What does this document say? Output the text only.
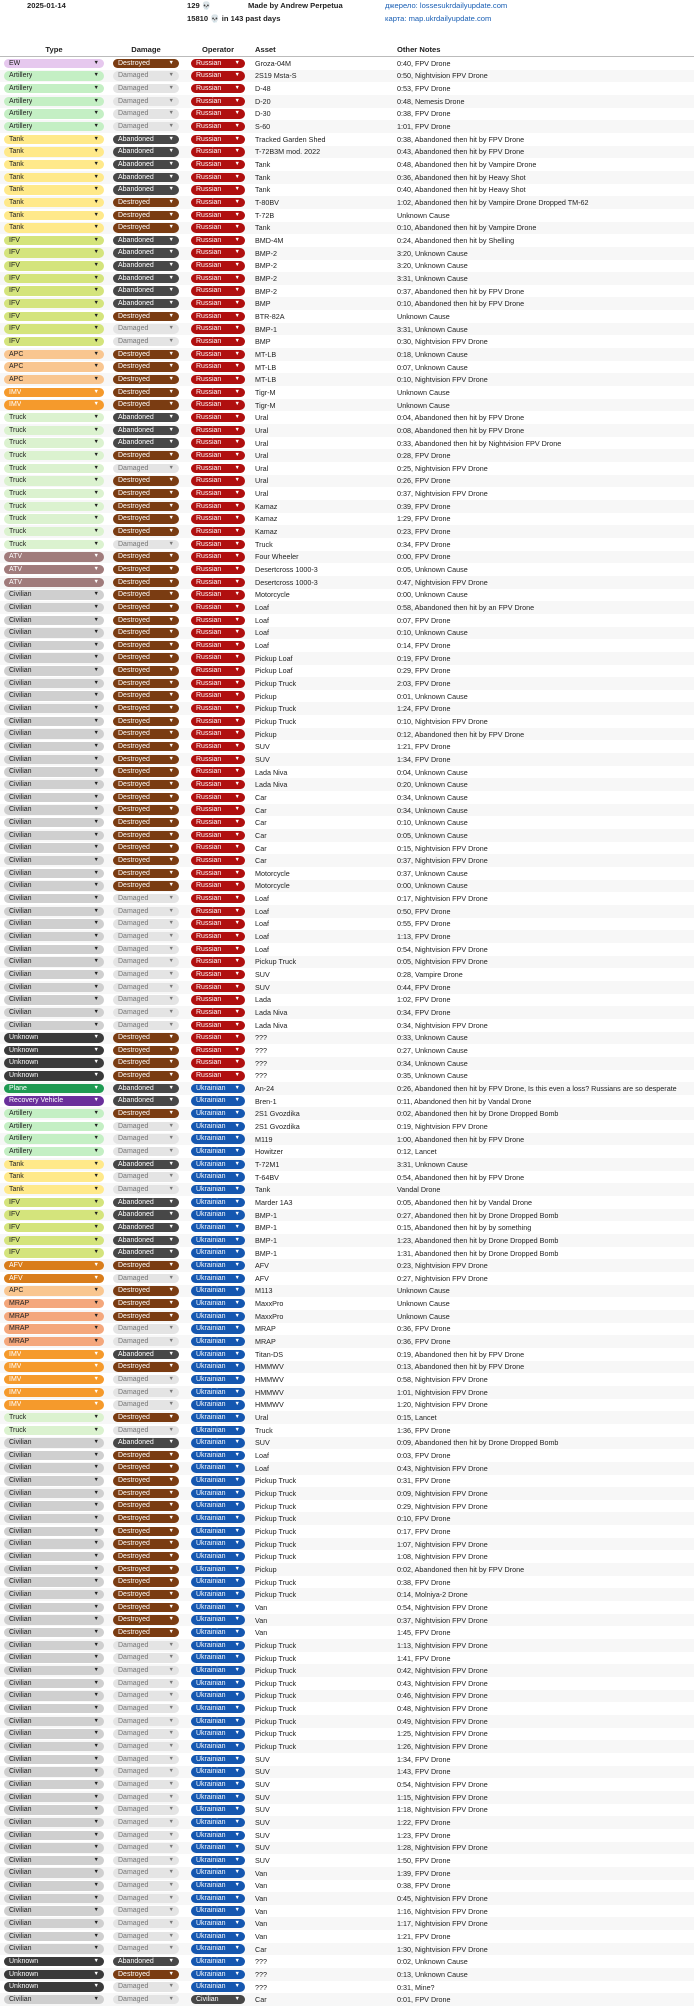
2025-01-14	129 💀
15810 💀 in 143 past days
Made by Andrew Perpetua	джерело: lossesukrdailyupdate.com
карта: map.ukrdailyupdate.com
Type	Damage	Operator	Asset	Other Notes
EW	▼	Destroyed	▼	Russian ▼ Groza-04M	0:40, FPV Drone
Artillery	▼	Damaged	▼	Russian ▼ 2S19 Msta-S	0:50, Nightvision FPV Drone
Artillery	▼	Damaged	▼	Russian ▼ D-48	0:53, FPV Drone
Artillery	▼	Damaged	▼	Russian ▼ D-20	0:48, Nemesis Drone
Artillery	▼	Damaged	▼	Russian ▼ D-30	0:38, FPV Drone
Artillery	▼	Damaged	▼	Russian ▼ S-60	1:01, FPV Drone
Tank	▼	Abandoned	▼	Russian ▼ Tracked Garden Shed	0:38, Abandoned then hit by FPV Drone
Tank	▼	Abandoned	▼	Russian ▼ T-72B3M mod. 2022	0:43, Abandoned then hit by FPV Drone
Tank	▼	Abandoned	▼	Russian ▼ Tank	0:48, Abandoned then hit by Vampire Drone
Tank	▼	Abandoned	▼	Russian ▼ Tank	0:36, Abandoned then hit by Heavy Shot
Tank	▼	Abandoned	▼	Russian ▼ Tank	0:40, Abandoned then hit by Heavy Shot
Tank	▼	Destroyed	▼	Russian ▼ T-80BV	1:02, Abandoned then hit by Vampire Drone Dropped TM-62
Tank	▼	Destroyed	▼	Russian ▼ T-72B	Unknown Cause
Tank	▼	Destroyed	▼	Russian ▼ Tank	0:10, Abandoned then hit by Vampire Drone
IFV	▼	Abandoned	▼	Russian ▼ BMD-4M	0:24, Abandoned then hit by Shelling
IFV	▼	Abandoned	▼	Russian ▼ BMP-2	3:20, Unknown Cause
IFV	▼	Abandoned	▼	Russian ▼ BMP-2	3:20, Unknown Cause
IFV	▼	Abandoned	▼	Russian ▼ BMP-2	3:31, Unknown Cause
IFV	▼	Abandoned	▼	Russian ▼ BMP-2	0:37, Abandoned then hit by FPV Drone
IFV	▼	Abandoned	▼	Russian ▼ BMP	0:10, Abandoned then hit by FPV Drone
IFV	▼	Destroyed	▼	Russian ▼ BTR-82A	Unknown Cause
IFV	▼	Damaged	▼	Russian ▼ BMP-1	3:31, Unknown Cause
IFV	▼	Damaged	▼	Russian ▼ BMP	0:30, Nightvision FPV Drone
APC	▼	Destroyed	▼	Russian ▼ MT-LB	0:18, Unknown Cause
APC	▼	Destroyed	▼	Russian ▼ MT-LB	0:07, Unknown Cause
APC	▼	Destroyed	▼	Russian ▼ MT-LB	0:10, Nightvision FPV Drone
IMV	▼	Destroyed	▼	Russian ▼ Tigr-M	Unknown Cause
IMV	▼	Destroyed	▼	Russian ▼ Tigr-M	Unknown Cause
Truck	▼	Abandoned	▼	Russian ▼ Ural	0:04, Abandoned then hit by FPV Drone
Truck	▼	Abandoned	▼	Russian ▼ Ural	0:08, Abandoned then hit by FPV Drone
Truck	▼	Abandoned	▼	Russian ▼ Ural	0:33, Abandoned then hit by Nightvision FPV Drone
Truck	▼	Destroyed	▼	Russian ▼ Ural	0:28, FPV Drone
Truck	▼	Damaged	▼	Russian ▼ Ural	0:25, Nightvision FPV Drone
Truck	▼	Destroyed	▼	Russian ▼ Ural	0:26, FPV Drone
Truck	▼	Destroyed	▼	Russian ▼ Ural	0:37, Nightvision FPV Drone
Truck	▼	Destroyed	▼	Russian ▼ Kamaz	0:39, FPV Drone
Truck	▼	Destroyed	▼	Russian ▼ Kamaz	1:29, FPV Drone
Truck	▼	Destroyed	▼	Russian ▼ Kamaz	0:23, FPV Drone
Truck	▼	Damaged	▼	Russian ▼ Truck	0:34, FPV Drone
ATV	▼	Destroyed	▼	Russian ▼ Four Wheeler	0:00, FPV Drone
ATV	▼	Destroyed	▼	Russian ▼ Desertcross 1000-3	0:05, Unknown Cause
ATV	▼	Destroyed	▼	Russian ▼ Desertcross 1000-3	0:47, Nightvision FPV Drone
Civilian	▼	Destroyed	▼	Russian ▼ Motorcycle	0:00, Unknown Cause
Civilian	▼	Destroyed	▼	Russian ▼ Loaf	0:58, Abandoned then hit by an FPV Drone
Civilian	▼	Destroyed	▼	Russian ▼ Loaf	0:07, FPV Drone
Civilian	▼	Destroyed	▼	Russian ▼ Loaf	0:10, Unknown Cause
Civilian	▼	Destroyed	▼	Russian ▼ Loaf	0:14, FPV Drone
Civilian	▼	Destroyed	▼	Russian ▼ Pickup Loaf	0:19, FPV Drone
Civilian	▼	Destroyed	▼	Russian ▼ Pickup Loaf	0:29, FPV Drone
Civilian	▼	Destroyed	▼	Russian ▼ Pickup Truck	2:03, FPV Drone
Civilian	▼	Destroyed	▼	Russian ▼ Pickup	0:01, Unknown Cause
Civilian	▼	Destroyed	▼	Russian ▼ Pickup Truck	1:24, FPV Drone
Civilian	▼	Destroyed	▼	Russian ▼ Pickup Truck	0:10, Nightvision FPV Drone
Civilian	▼	Destroyed	▼	Russian ▼ Pickup	0:12, Abandoned then hit by FPV Drone
Civilian	▼	Destroyed	▼	Russian ▼ SUV	1:21, FPV Drone
Civilian	▼	Destroyed	▼	Russian ▼ SUV	1:34, FPV Drone
Civilian	▼	Destroyed	▼	Russian ▼ Lada Niva	0:04, Unknown Cause
Civilian	▼	Destroyed	▼	Russian ▼ Lada Niva	0:20, Unknown Cause
Civilian	▼	Destroyed	▼	Russian ▼ Car	0:34, Unknown Cause
Civilian	▼	Destroyed	▼	Russian ▼ Car	0:34, Unknown Cause
Civilian	▼	Destroyed	▼	Russian ▼ Car	0:10, Unknown Cause
Civilian	▼	Destroyed	▼	Russian ▼ Car	0:05, Unknown Cause
Civilian	▼	Destroyed	▼	Russian ▼ Car	0:15, Nightvision FPV Drone
Civilian	▼	Destroyed	▼	Russian ▼ Car	0:37, Nightvision FPV Drone
Civilian	▼	Destroyed	▼	Russian ▼ Motorcycle	0:37, Unknown Cause
Civilian	▼	Destroyed	▼	Russian ▼ Motorcycle	0:00, Unknown Cause
Civilian	▼	Damaged	▼	Russian ▼ Loaf	0:17, Nightvision FPV Drone
Civilian	▼	Damaged	▼	Russian ▼ Loaf	0:50, FPV Drone
Civilian	▼	Damaged	▼	Russian ▼ Loaf	0:55, FPV Drone
Civilian	▼	Damaged	▼	Russian ▼ Loaf	1:13, FPV Drone
Civilian	▼	Damaged	▼	Russian ▼ Loaf	0:54, Nightvision FPV Drone
Civilian	▼	Damaged	▼	Russian ▼ Pickup Truck	0:05, Nightvision FPV Drone
Civilian	▼	Damaged	▼	Russian ▼ SUV	0:28, Vampire Drone
Civilian	▼	Damaged	▼	Russian ▼ SUV	0:44, FPV Drone
Civilian	▼	Damaged	▼	Russian ▼ Lada	1:02, FPV Drone
Civilian	▼	Damaged	▼	Russian ▼ Lada Niva	0:34, FPV Drone
Civilian	▼	Damaged	▼	Russian ▼ Lada Niva	0:34, Nightvision FPV Drone
Unknown	▼	Destroyed	▼	Russian ▼ ???	0:33, Unknown Cause
Unknown	▼	Destroyed	▼	Russian ▼ ???	0:27, Unknown Cause
Unknown	▼	Destroyed	▼	Russian ▼ ???	0:34, Unknown Cause
Unknown	▼	Destroyed	▼	Russian ▼ ???	0:35, Unknown Cause
Plane	▼	Abandoned	▼	Ukrainian ▼ An-24	0:26, Abandoned then hit by FPV Drone, Is this even a loss? Russians are so desperate
Recovery Vehicle	▼	Abandoned	▼	Ukrainian ▼ Bren-1	0:11, Abandoned then hit by Vandal Drone
Artillery	▼	Destroyed	▼	Ukrainian ▼ 2S1 Gvozdika	0:02, Abandoned then hit by Drone Dropped Bomb
Artillery	▼	Damaged	▼	Ukrainian ▼ 2S1 Gvozdika	0:19, Nightvision FPV Drone
Artillery	▼	Damaged	▼	Ukrainian ▼ M119	1:00, Abandoned then hit by FPV Drone
Artillery	▼	Damaged	▼	Ukrainian ▼ Howitzer	0:12, Lancet
Tank	▼	Abandoned	▼	Ukrainian ▼ T-72M1	3:31, Unknown Cause
Tank	▼	Damaged	▼	Ukrainian ▼ T-64BV	0:54, Abandoned then hit by FPV Drone
Tank	▼	Damaged	▼	Ukrainian ▼ Tank	Vandal Drone
IFV	▼	Abandoned	▼	Ukrainian ▼ Marder 1A3	0:05, Abandoned then hit by Vandal Drone
IFV	▼	Abandoned	▼	Ukrainian ▼ BMP-1	0:27, Abandoned then hit by Drone Dropped Bomb
IFV	▼	Abandoned	▼	Ukrainian ▼ BMP-1	0:15, Abandoned then hit by by something
IFV	▼	Abandoned	▼	Ukrainian ▼ BMP-1	1:23, Abandoned then hit by Drone Dropped Bomb
IFV	▼	Abandoned	▼	Ukrainian ▼ BMP-1	1:31, Abandoned then hit by Drone Dropped Bomb
AFV	▼	Destroyed	▼	Ukrainian ▼ AFV	0:23, Nightvision FPV Drone
AFV	▼	Damaged	▼	Ukrainian ▼ AFV	0:27, Nightvision FPV Drone
APC	▼	Destroyed	▼	Ukrainian ▼ M113	Unknown Cause
MRAP	▼	Destroyed	▼	Ukrainian ▼ MaxxPro	Unknown Cause
MRAP	▼	Destroyed	▼	Ukrainian ▼ MaxxPro	Unknown Cause
MRAP	▼	Damaged	▼	Ukrainian ▼ MRAP	0:36, FPV Drone
MRAP	▼	Damaged	▼	Ukrainian ▼ MRAP	0:36, FPV Drone
IMV	▼	Abandoned	▼	Ukrainian ▼ Titan-DS	0:19, Abandoned then hit by FPV Drone
IMV	▼	Destroyed	▼	Ukrainian ▼ HMMWV	0:13, Abandoned then hit by FPV Drone
IMV	▼	Damaged	▼	Ukrainian ▼ HMMWV	0:58, Nightvision FPV Drone
IMV	▼	Damaged	▼	Ukrainian ▼ HMMWV	1:01, Nightvision FPV Drone
IMV	▼	Damaged	▼	Ukrainian ▼ HMMWV	1:20, Nightvision FPV Drone
Truck	▼	Destroyed	▼	Ukrainian ▼ Ural	0:15, Lancet
Truck	▼	Damaged	▼	Ukrainian ▼ Truck	1:36, FPV Drone
Civilian	▼	Abandoned	▼	Ukrainian ▼ SUV	0:09, Abandoned then hit by Drone Dropped Bomb
Civilian	▼	Destroyed	▼	Ukrainian ▼ Loaf	0:03, FPV Drone
Civilian	▼	Destroyed	▼	Ukrainian ▼ Loaf	0:43, Nightvision FPV Drone
Civilian	▼	Destroyed	▼	Ukrainian ▼ Pickup Truck	0:31, FPV Drone
Civilian	▼	Destroyed	▼	Ukrainian ▼ Pickup Truck	0:09, Nightvision FPV Drone
Civilian	▼	Destroyed	▼	Ukrainian ▼ Pickup Truck	0:29, Nightvision FPV Drone
Civilian	▼	Destroyed	▼	Ukrainian ▼ Pickup Truck	0:10, FPV Drone
Civilian	▼	Destroyed	▼	Ukrainian ▼ Pickup Truck	0:17, FPV Drone
Civilian	▼	Destroyed	▼	Ukrainian ▼ Pickup Truck	1:07, Nightvision FPV Drone
Civilian	▼	Destroyed	▼	Ukrainian ▼ Pickup Truck	1:08, Nightvision FPV Drone
Civilian	▼	Destroyed	▼	Ukrainian ▼ Pickup	0:02, Abandoned then hit by FPV Drone
Civilian	▼	Destroyed	▼	Ukrainian ▼ Pickup Truck	0:38, FPV Drone
Civilian	▼	Destroyed	▼	Ukrainian ▼ Pickup Truck	0:14, Molniya-2 Drone
Civilian	▼	Destroyed	▼	Ukrainian ▼ Van	0:54, Nightvision FPV Drone
Civilian	▼	Destroyed	▼	Ukrainian ▼ Van	0:37, Nightvision FPV Drone
Civilian	▼	Destroyed	▼	Ukrainian ▼ Van	1:45, FPV Drone
Civilian	▼	Damaged	▼	Ukrainian ▼ Pickup Truck	1:13, Nightvision FPV Drone
Civilian	▼	Damaged	▼	Ukrainian ▼ Pickup Truck	1:41, FPV Drone
Civilian	▼	Damaged	▼	Ukrainian ▼ Pickup Truck	0:42, Nightvision FPV Drone
Civilian	▼	Damaged	▼	Ukrainian ▼ Pickup Truck	0:43, Nightvision FPV Drone
Civilian	▼	Damaged	▼	Ukrainian ▼ Pickup Truck	0:46, Nightvision FPV Drone
Civilian	▼	Damaged	▼	Ukrainian ▼ Pickup Truck	0:48, Nightvision FPV Drone
Civilian	▼	Damaged	▼	Ukrainian ▼ Pickup Truck	0:49, Nightvision FPV Drone
Civilian	▼	Damaged	▼	Ukrainian ▼ Pickup Truck	1:25, Nightvision FPV Drone
Civilian	▼	Damaged	▼	Ukrainian ▼ Pickup Truck	1:26, Nightvision FPV Drone
Civilian	▼	Damaged	▼	Ukrainian ▼ SUV	1:34, FPV Drone
Civilian	▼	Damaged	▼	Ukrainian ▼ SUV	1:43, FPV Drone
Civilian	▼	Damaged	▼	Ukrainian ▼ SUV	0:54, Nightvision FPV Drone
Civilian	▼	Damaged	▼	Ukrainian ▼ SUV	1:15, Nightvision FPV Drone
Civilian	▼	Damaged	▼	Ukrainian ▼ SUV	1:18, Nightvision FPV Drone
Civilian	▼	Damaged	▼	Ukrainian ▼ SUV	1:22, FPV Drone
Civilian	▼	Damaged	▼	Ukrainian ▼ SUV	1:23, FPV Drone
Civilian	▼	Damaged	▼	Ukrainian ▼ SUV	1:28, Nightvision FPV Drone
Civilian	▼	Damaged	▼	Ukrainian ▼ SUV	1:50, FPV Drone
Civilian	▼	Damaged	▼	Ukrainian ▼ Van	1:39, FPV Drone
Civilian	▼	Damaged	▼	Ukrainian ▼ Van	0:38, FPV Drone
Civilian	▼	Damaged	▼	Ukrainian ▼ Van	0:45, Nightvision FPV Drone
Civilian	▼	Damaged	▼	Ukrainian ▼ Van	1:16, Nightvision FPV Drone
Civilian	▼	Damaged	▼	Ukrainian ▼ Van	1:17, Nightvision FPV Drone
Civilian	▼	Damaged	▼	Ukrainian ▼ Van	1:21, FPV Drone
Civilian	▼	Damaged	▼	Ukrainian ▼ Car	1:30, Nightvision FPV Drone
Unknown	▼	Abandoned	▼	Ukrainian ▼ ???	0:02, Unknown Cause
Unknown	▼	Destroyed	▼	Ukrainian ▼ ???	0:13, Unknown Cause
Unknown	▼	Damaged	▼	Ukrainian ▼ ???	0:31, Mine?
Civilian	▼	Damaged	▼	Civilian	▼ Car	0:01, FPV Drone
